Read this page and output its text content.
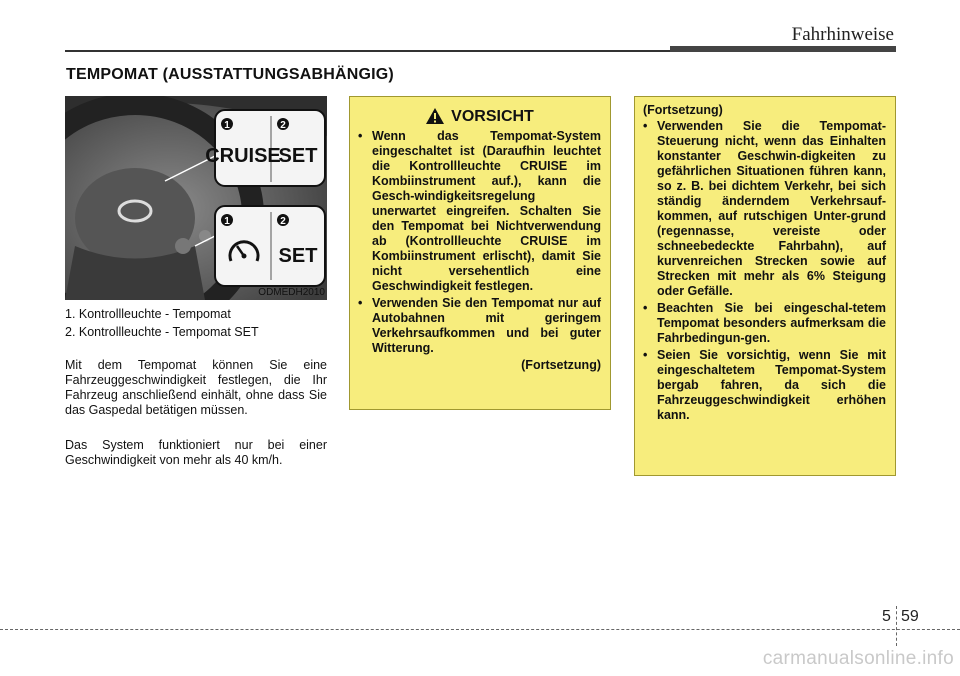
Fahrhinweise
TEMPOMAT (AUSSTATTUNGSABHÄNGIG)
1	2
CRUISE
SET
1	2
SET
ODMEDH2010
1. Kontrollleuchte - Tempomat
2. Kontrollleuchte - Tempomat SET
Mit dem Tempomat können Sie eine Fahrzeuggeschwindigkeit festlegen, die Ihr Fahrzeug anschließend einhält, ohne dass Sie das Gaspedal betätigen müssen.
Das System funktioniert nur bei einer Geschwindigkeit von mehr als 40 km/h.
VORSICHT
• Wenn das Tempomat-System eingeschaltet ist (Daraufhin leuchtet die Kontrollleuchte CRUISE im Kombiinstrument auf.), kann die Gesch-windigkeitsregelung unerwartet eingreifen. Schalten Sie den Tempomat bei Nichtverwendung ab (Kontrollleuchte CRUISE im Kombiinstrument erlischt), damit Sie nicht versehentlich eine Geschwindigkeit festlegen.
• Verwenden Sie den Tempomat nur auf Autobahnen mit geringem Verkehrsaufkommen und bei guter Witterung.
(Fortsetzung)
(Fortsetzung)
• Verwenden Sie die Tempomat-Steuerung nicht, wenn das Einhalten konstanter Geschwin-digkeiten zu gefährlichen Situationen führen kann, so z. B. bei dichtem Verkehr, bei sich ständig änderndem Verkehrsauf-kommen, auf rutschigen Unter-grund (regennasse, vereiste oder schneebedeckte Fahrbahn), auf kurvenreichen Strecken sowie auf Strecken mit mehr als 6% Steigung oder Gefälle.
• Beachten Sie bei eingeschal-tetem Tempomat besonders aufmerksam die Fahrbedingun-gen.
• Seien Sie vorsichtig, wenn Sie mit eingeschaltetem Tempomat-System bergab fahren, da sich die Fahrzeuggeschwindigkeit erhöhen kann.
5 59
carmanualsonline.info
